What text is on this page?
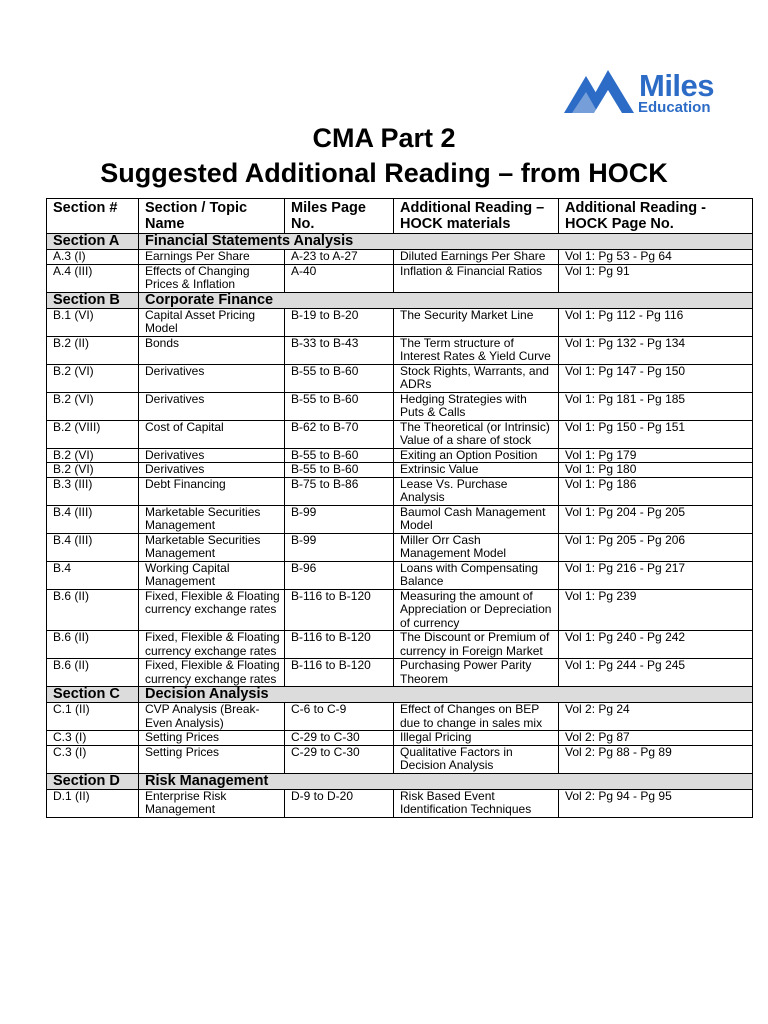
Miles
Education
CMA Part 2
Suggested Additional Reading – from HOCK
Section #	Section / Topic Name	Miles Page No.	Additional Reading – HOCK materials	Additional Reading - HOCK Page No.
Section A	Financial Statements Analysis			
A.3 (I)	Earnings Per Share	A-23 to A-27	Diluted Earnings Per Share	Vol 1: Pg 53 - Pg 64
A.4 (III)	Effects of Changing Prices & Inflation	A-40	Inflation & Financial Ratios	Vol 1: Pg 91
Section B	Corporate Finance			
B.1 (VI)	Capital Asset Pricing Model	B-19 to B-20	The Security Market Line	Vol 1: Pg 112 - Pg 116
B.2 (II)	Bonds	B-33 to B-43	The Term structure of Interest Rates & Yield Curve	Vol 1: Pg 132 - Pg 134
B.2 (VI)	Derivatives	B-55 to B-60	Stock Rights, Warrants, and ADRs	Vol 1: Pg 147 - Pg 150
B.2 (VI)	Derivatives	B-55 to B-60	Hedging Strategies with Puts & Calls	Vol 1: Pg 181 - Pg 185
B.2 (VIII)	Cost of Capital	B-62 to B-70	The Theoretical (or Intrinsic) Value of a share of stock	Vol 1: Pg 150 - Pg 151
B.2 (VI)	Derivatives	B-55 to B-60	Exiting an Option Position	Vol 1: Pg 179
B.2 (VI)	Derivatives	B-55 to B-60	Extrinsic Value	Vol 1: Pg 180
B.3 (III)	Debt Financing	B-75 to B-86	Lease Vs. Purchase Analysis	Vol 1: Pg 186
B.4 (III)	Marketable Securities Management	B-99	Baumol Cash Management Model	Vol 1: Pg 204 - Pg 205
B.4 (III)	Marketable Securities Management	B-99	Miller Orr Cash Management Model	Vol 1: Pg 205 - Pg 206
B.4	Working Capital Management	B-96	Loans with Compensating Balance	Vol 1: Pg 216 - Pg 217
B.6 (II)	Fixed, Flexible & Floating currency exchange rates	B-116 to B-120	Measuring the amount of Appreciation or Depreciation of currency	Vol 1: Pg 239
B.6 (II)	Fixed, Flexible & Floating currency exchange rates	B-116 to B-120	The Discount or Premium of currency in Foreign Market	Vol 1: Pg 240 - Pg 242
B.6 (II)	Fixed, Flexible & Floating currency exchange rates	B-116 to B-120	Purchasing Power Parity Theorem	Vol 1: Pg 244 - Pg 245
Section C	Decision Analysis			
C.1 (II)	CVP Analysis (Break-Even Analysis)	C-6 to C-9	Effect of Changes on BEP due to change in sales mix	Vol 2: Pg 24
C.3 (I)	Setting Prices	C-29 to C-30	Illegal Pricing	Vol 2: Pg 87
C.3 (I)	Setting Prices	C-29 to C-30	Qualitative Factors in Decision Analysis	Vol 2: Pg 88 - Pg 89
Section D	Risk Management			
D.1 (II)	Enterprise Risk Management	D-9 to D-20	Risk Based Event Identification Techniques	Vol 2: Pg 94 - Pg 95
